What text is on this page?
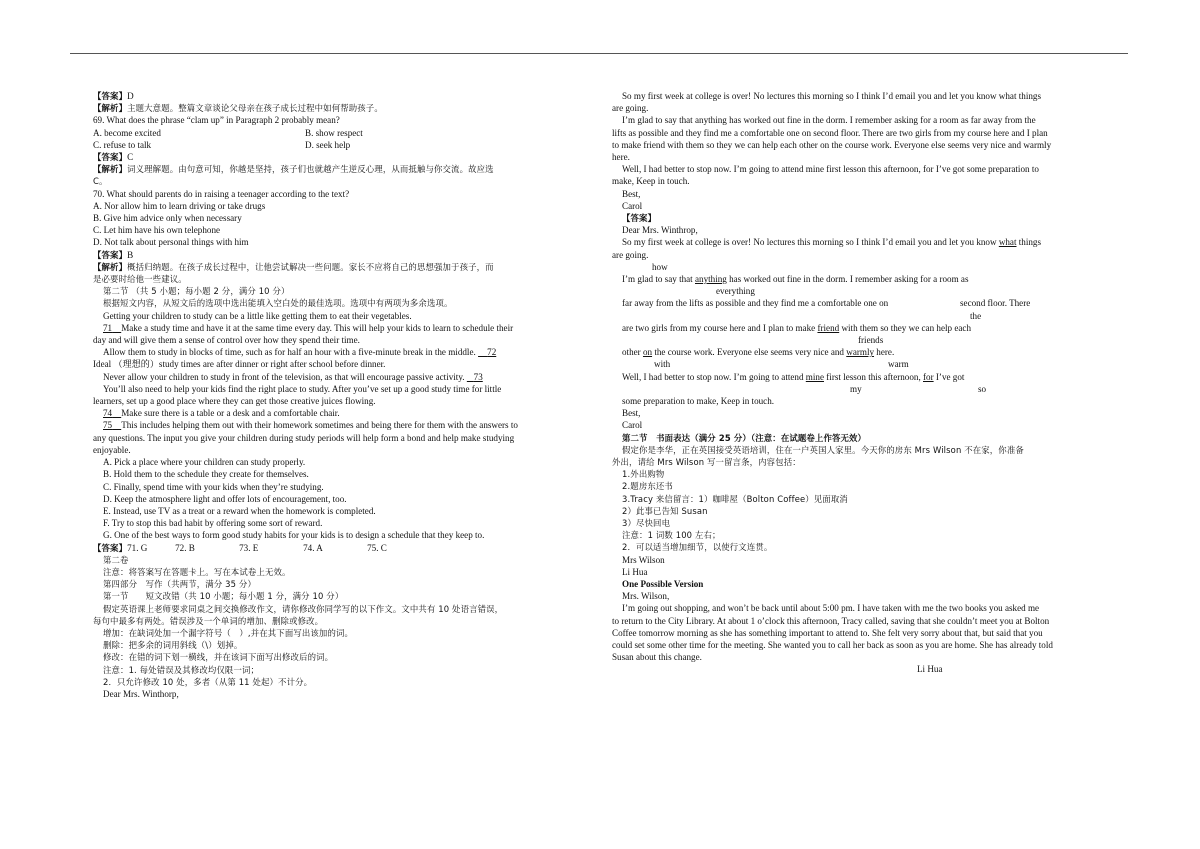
【答案】D
【解析】主题大意题。整篇文章谈论父母亲在孩子成长过程中如何帮助孩子。
69. What does the phrase “clam up” in Paragraph 2 probably mean?
A. become excited	B. show respect
C. refuse to talk	D. seek help
【答案】C
【解析】词义理解题。由句意可知，你越是坚持，孩子们也就越产生逆反心理，从而抵触与你交流。故应选
C。
70. What should parents do in raising a teenager according to the text?
A. Nor allow him to learn driving or take drugs
B. Give him advice only when necessary
C. Let him have his own telephone
D. Not talk about personal things with him
【答案】B
【解析】概括归纳题。在孩子成长过程中，让他尝试解决一些问题。家长不应将自己的思想强加于孩子，而
是必要时给他一些建议。
第二节 （共 5 小题；每小题 2 分，满分 10 分）
根据短文内容，从短文后的选项中选出能填入空白处的最佳选项。选项中有两项为多余选项。
Getting your children to study can be a little like getting them to eat their vegetables.
71 Make a study time and have it at the same time every day. This will help your kids to learn to schedule their
day and will give them a sense of control over how they spend their time.
Allow them to study in blocks of time, such as for half an hour with a five-minute break in the middle. 72
Ideal （理想的）study times are after dinner or right after school before dinner.
Never allow your children to study in front of the television, as that will encourage passive activity. 73
You’ll also need to help your kids find the right place to study. After you’ve set up a good study time for little
learners, set up a good place where they can get those creative juices flowing.
74 Make sure there is a table or a desk and a comfortable chair.
75 This includes helping them out with their homework sometimes and being there for them with the answers to
any questions. The input you give your children during study periods will help form a bond and help make studying
enjoyable.
A. Pick a place where your children can study properly.
B. Hold them to the schedule they create for themselves.
C. Finally, spend time with your kids when they’re studying.
D. Keep the atmosphere light and offer lots of encouragement, too.
E. Instead, use TV as a treat or a reward when the homework is completed.
F. Try to stop this bad habit by offering some sort of reward.
G. One of the best ways to form good study habits for your kids is to design a schedule that they keep to.
【答案】71. G	72. B	73. E	74. A	75. C
第二卷
注意：将答案写在答题卡上。写在本试卷上无效。
第四部分　写作（共两节，满分 35 分）
第一节　　短文改错（共 10 小题；每小题 1 分，满分 10 分）
假定英语课上老师要求同桌之间交换修改作文，请你修改你同学写的以下作文。文中共有 10 处语言错误，
每句中最多有两处。错误涉及一个单词的增加、删除或修改。
增加：在缺词处加一个漏字符号（　）,并在其下面写出该加的词。
删除：把多余的词用斜线（\）划掉。
修改：在错的词下划一横线，并在该词下面写出修改后的词。
注意：1. 每处错误及其修改均仅限一词；
2．只允许修改 10 处，多者（从第 11 处起）不计分。
Dear Mrs. Winthorp,
So my first week at college is over! No lectures this morning so I think I’d email you and let you know what things
are going.
I’m glad to say that anything has worked out fine in the dorm. I remember asking for a room as far away from the
lifts as possible and they find me a comfortable one on second floor. There are two girls from my course here and I plan
to make friend with them so they we can help each other on the course work. Everyone else seems very nice and warmly
here.
Well, I had better to stop now. I’m going to attend mine first lesson this afternoon, for I’ve got some preparation to
make, Keep in touch.
Best,
Carol
【答案】
Dear Mrs. Winthrop,
So my first week at college is over! No lectures this morning so I think I’d email you and let you know what things
are going.
how
I’m glad to say that anything has worked out fine in the dorm. I remember asking for a room as
everything
far away from the lifts as possible and they find me a comfortable one on	second floor. There
the
are two girls from my course here and I plan to make friend with them so they we can help each
friends
other on the course work. Everyone else seems very nice and warmly here.
with	warm
Well, I had better to stop now. I’m going to attend mine first lesson this afternoon, for I’ve got
my	so
some preparation to make, Keep in touch.
Best,
Carol
第二节　书面表达（满分 25 分）（注意：在试题卷上作答无效）
假定你是李华，正在英国接受英语培训，住在一户英国人家里。今天你的房东 Mrs Wilson 不在家，你准备
外出，请给 Mrs Wilson 写一留言条，内容包括：
1.外出购物
2.题房东还书
3.Tracy 来信留言：1）咖啡屋（Bolton Coffee）见面取消
2）此事已告知 Susan
3）尽快回电
注意：1 词数 100 左右；
2．可以适当增加细节，以使行文连贯。
Mrs Wilson
Li Hua
One Possible Version
Mrs. Wilson,
I’m going out shopping, and won’t be back until about 5:00 pm. I have taken with me the two books you asked me
to return to the City Library. At about 1 o’clock this afternoon, Tracy called, saving that she couldn’t meet you at Bolton
Coffee tomorrow morning as she has something important to attend to. She felt very sorry about that, but said that you
could set some other time for the meeting. She wanted you to call her back as soon as you are home. She has already told
Susan about this change.
Li Hua
